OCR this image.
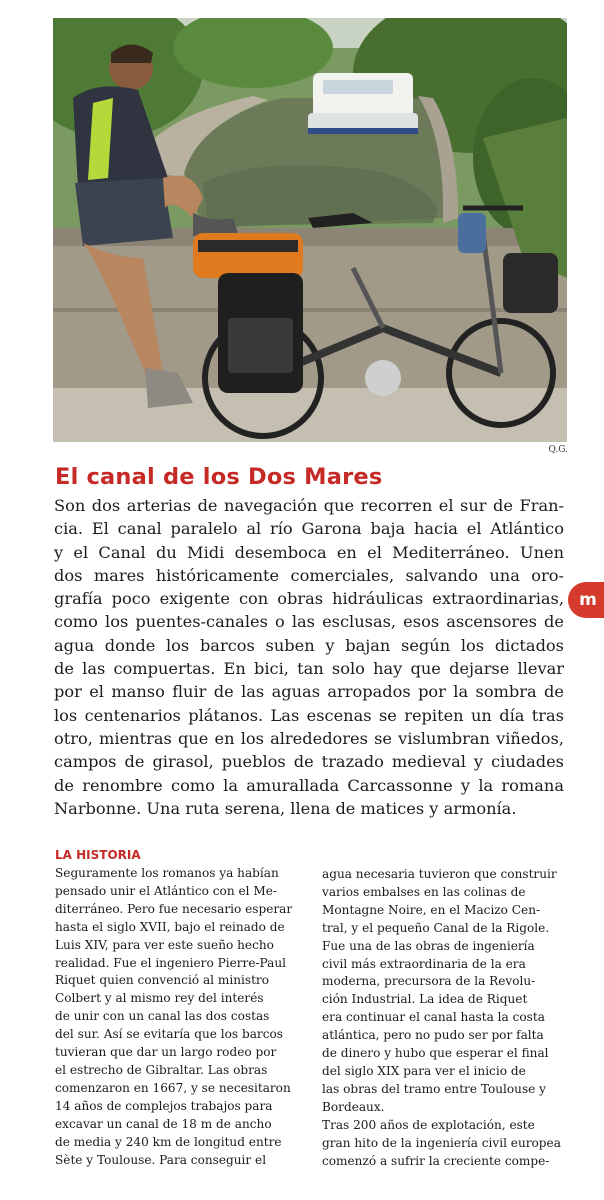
Q.G.
El canal de los Dos Mares
Son dos arterias de navegación que recorren el sur de Fran-
cia. El canal paralelo al río Garona baja hacia el Atlántico
y el Canal du Midi desemboca en el Mediterráneo. Unen
dos mares históricamente comerciales, salvando una oro-
grafía poco exigente con obras hidráulicas extraordinarias,
como los puentes-canales o las esclusas, esos ascensores de
agua donde los barcos suben y bajan según los dictados
de las compuertas. En bici, tan solo hay que dejarse llevar
por el manso fluir de las aguas arropados por la sombra de
los centenarios plátanos. Las escenas se repiten un día tras
otro, mientras que en los alrededores se vislumbran viñedos,
campos de girasol, pueblos de trazado medieval y ciudades
de renombre como la amurallada Carcassonne y la romana
Narbonne. Una ruta serena, llena de matices y armonía.
m
LA HISTORIA
Seguramente los romanos ya habían
pensado unir el Atlántico con el Me-
diterráneo. Pero fue necesario esperar
hasta el siglo XVII, bajo el reinado de
Luis XIV, para ver este sueño hecho
realidad. Fue el ingeniero Pierre-Paul
Riquet quien convenció al ministro
Colbert y al mismo rey del interés
de unir con un canal las dos costas
del sur. Así se evitaría que los barcos
tuvieran que dar un largo rodeo por
el estrecho de Gibraltar. Las obras
comenzaron en 1667, y se necesitaron
14 años de complejos trabajos para
excavar un canal de 18 m de ancho
de media y 240 km de longitud entre
Sète y Toulouse. Para conseguir el
agua necesaria tuvieron que construir
varios embalses en las colinas de
Montagne Noire, en el Macizo Cen-
tral, y el pequeño Canal de la Rigole.
Fue una de las obras de ingeniería
civil más extraordinaria de la era
moderna, precursora de la Revolu-
ción Industrial. La idea de Riquet
era continuar el canal hasta la costa
atlántica, pero no pudo ser por falta
de dinero y hubo que esperar el final
del siglo XIX para ver el inicio de
las obras del tramo entre Toulouse y
Bordeaux.
Tras 200 años de explotación, este
gran hito de la ingeniería civil europea
comenzó a sufrir la creciente compe-
